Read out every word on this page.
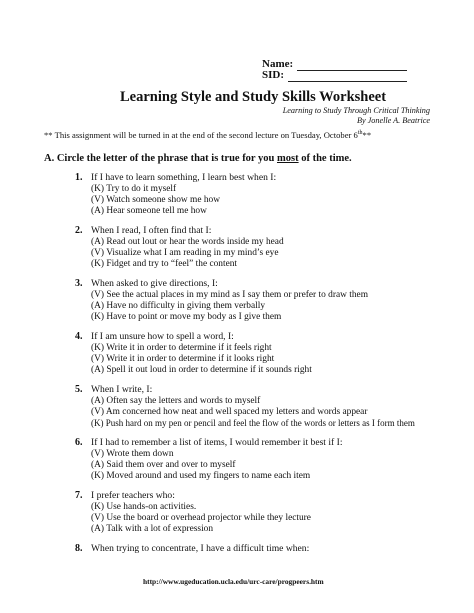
Name:
SID:
Learning Style and Study Skills Worksheet
Learning to Study Through Critical Thinking
By Jonelle A. Beatrice
** This assignment will be turned in at the end of the second lecture on Tuesday, October 6th**
A. Circle the letter of the phrase that is true for you most of the time.
1. If I have to learn something, I learn best when I:
(K) Try to do it myself
(V) Watch someone show me how
(A) Hear someone tell me how
2. When I read, I often find that I:
(A) Read out lout or hear the words inside my head
(V) Visualize what I am reading in my mind’s eye
(K) Fidget and try to “feel” the content
3. When asked to give directions, I:
(V) See the actual places in my mind as I say them or prefer to draw them
(A) Have no difficulty in giving them verbally
(K) Have to point or move my body as I give them
4. If I am unsure how to spell a word, I:
(K) Write it in order to determine if it feels right
(V) Write it in order to determine if it looks right
(A) Spell it out loud in order to determine if it sounds right
5. When I write, I:
(A) Often say the letters and words to myself
(V) Am concerned how neat and well spaced my letters and words appear
(K) Push hard on my pen or pencil and feel the flow of the words or letters as I form them
6. If I had to remember a list of items, I would remember it best if I:
(V) Wrote them down
(A) Said them over and over to myself
(K) Moved around and used my fingers to name each item
7. I prefer teachers who:
(K) Use hands-on activities.
(V) Use the board or overhead projector while they lecture
(A) Talk with a lot of expression
8. When trying to concentrate, I have a difficult time when:
http://www.ugeducation.ucla.edu/urc-care/progpeers.htm
